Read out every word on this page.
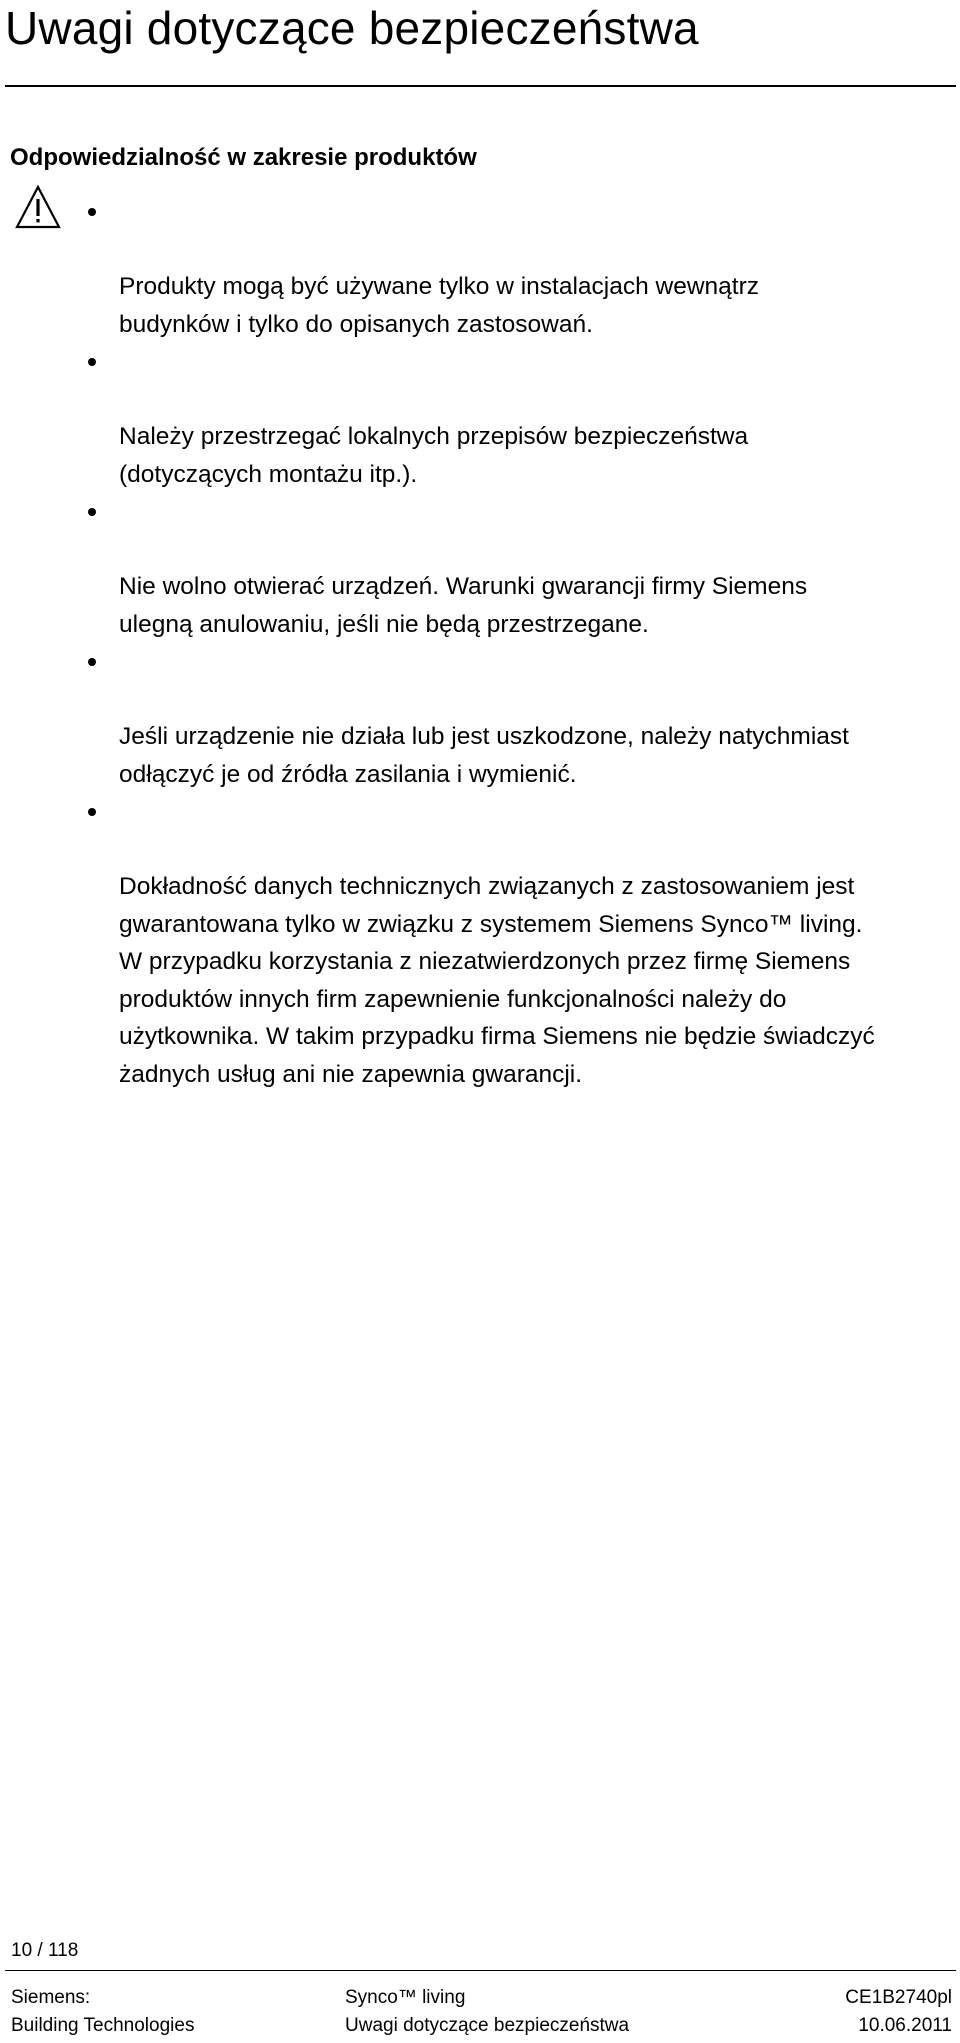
Uwagi dotyczące bezpieczeństwa
Odpowiedzialność w zakresie produktów

Produkty mogą być używane tylko w instalacjach wewnątrz
budynków i tylko do opisanych zastosowań.

Należy przestrzegać lokalnych przepisów bezpieczeństwa
(dotyczących montażu itp.).

Nie wolno otwierać urządzeń. Warunki gwarancji firmy Siemens
ulegną anulowaniu, jeśli nie będą przestrzegane.

Jeśli urządzenie nie działa lub jest uszkodzone, należy natychmiast
odłączyć je od źródła zasilania i wymienić.

Dokładność danych technicznych związanych z zastosowaniem jest
gwarantowana tylko w związku z systemem Siemens Synco™ living.
W przypadku korzystania z niezatwierdzonych przez firmę Siemens
produktów innych firm zapewnienie funkcjonalności należy do
użytkownika. W takim przypadku firma Siemens nie będzie świadczyć
żadnych usług ani nie zapewnia gwarancji.

10 / 118
Siemens:
Building Technologies
Synco™ living
Uwagi dotyczące bezpieczeństwa
CE1B2740pl
10.06.2011
